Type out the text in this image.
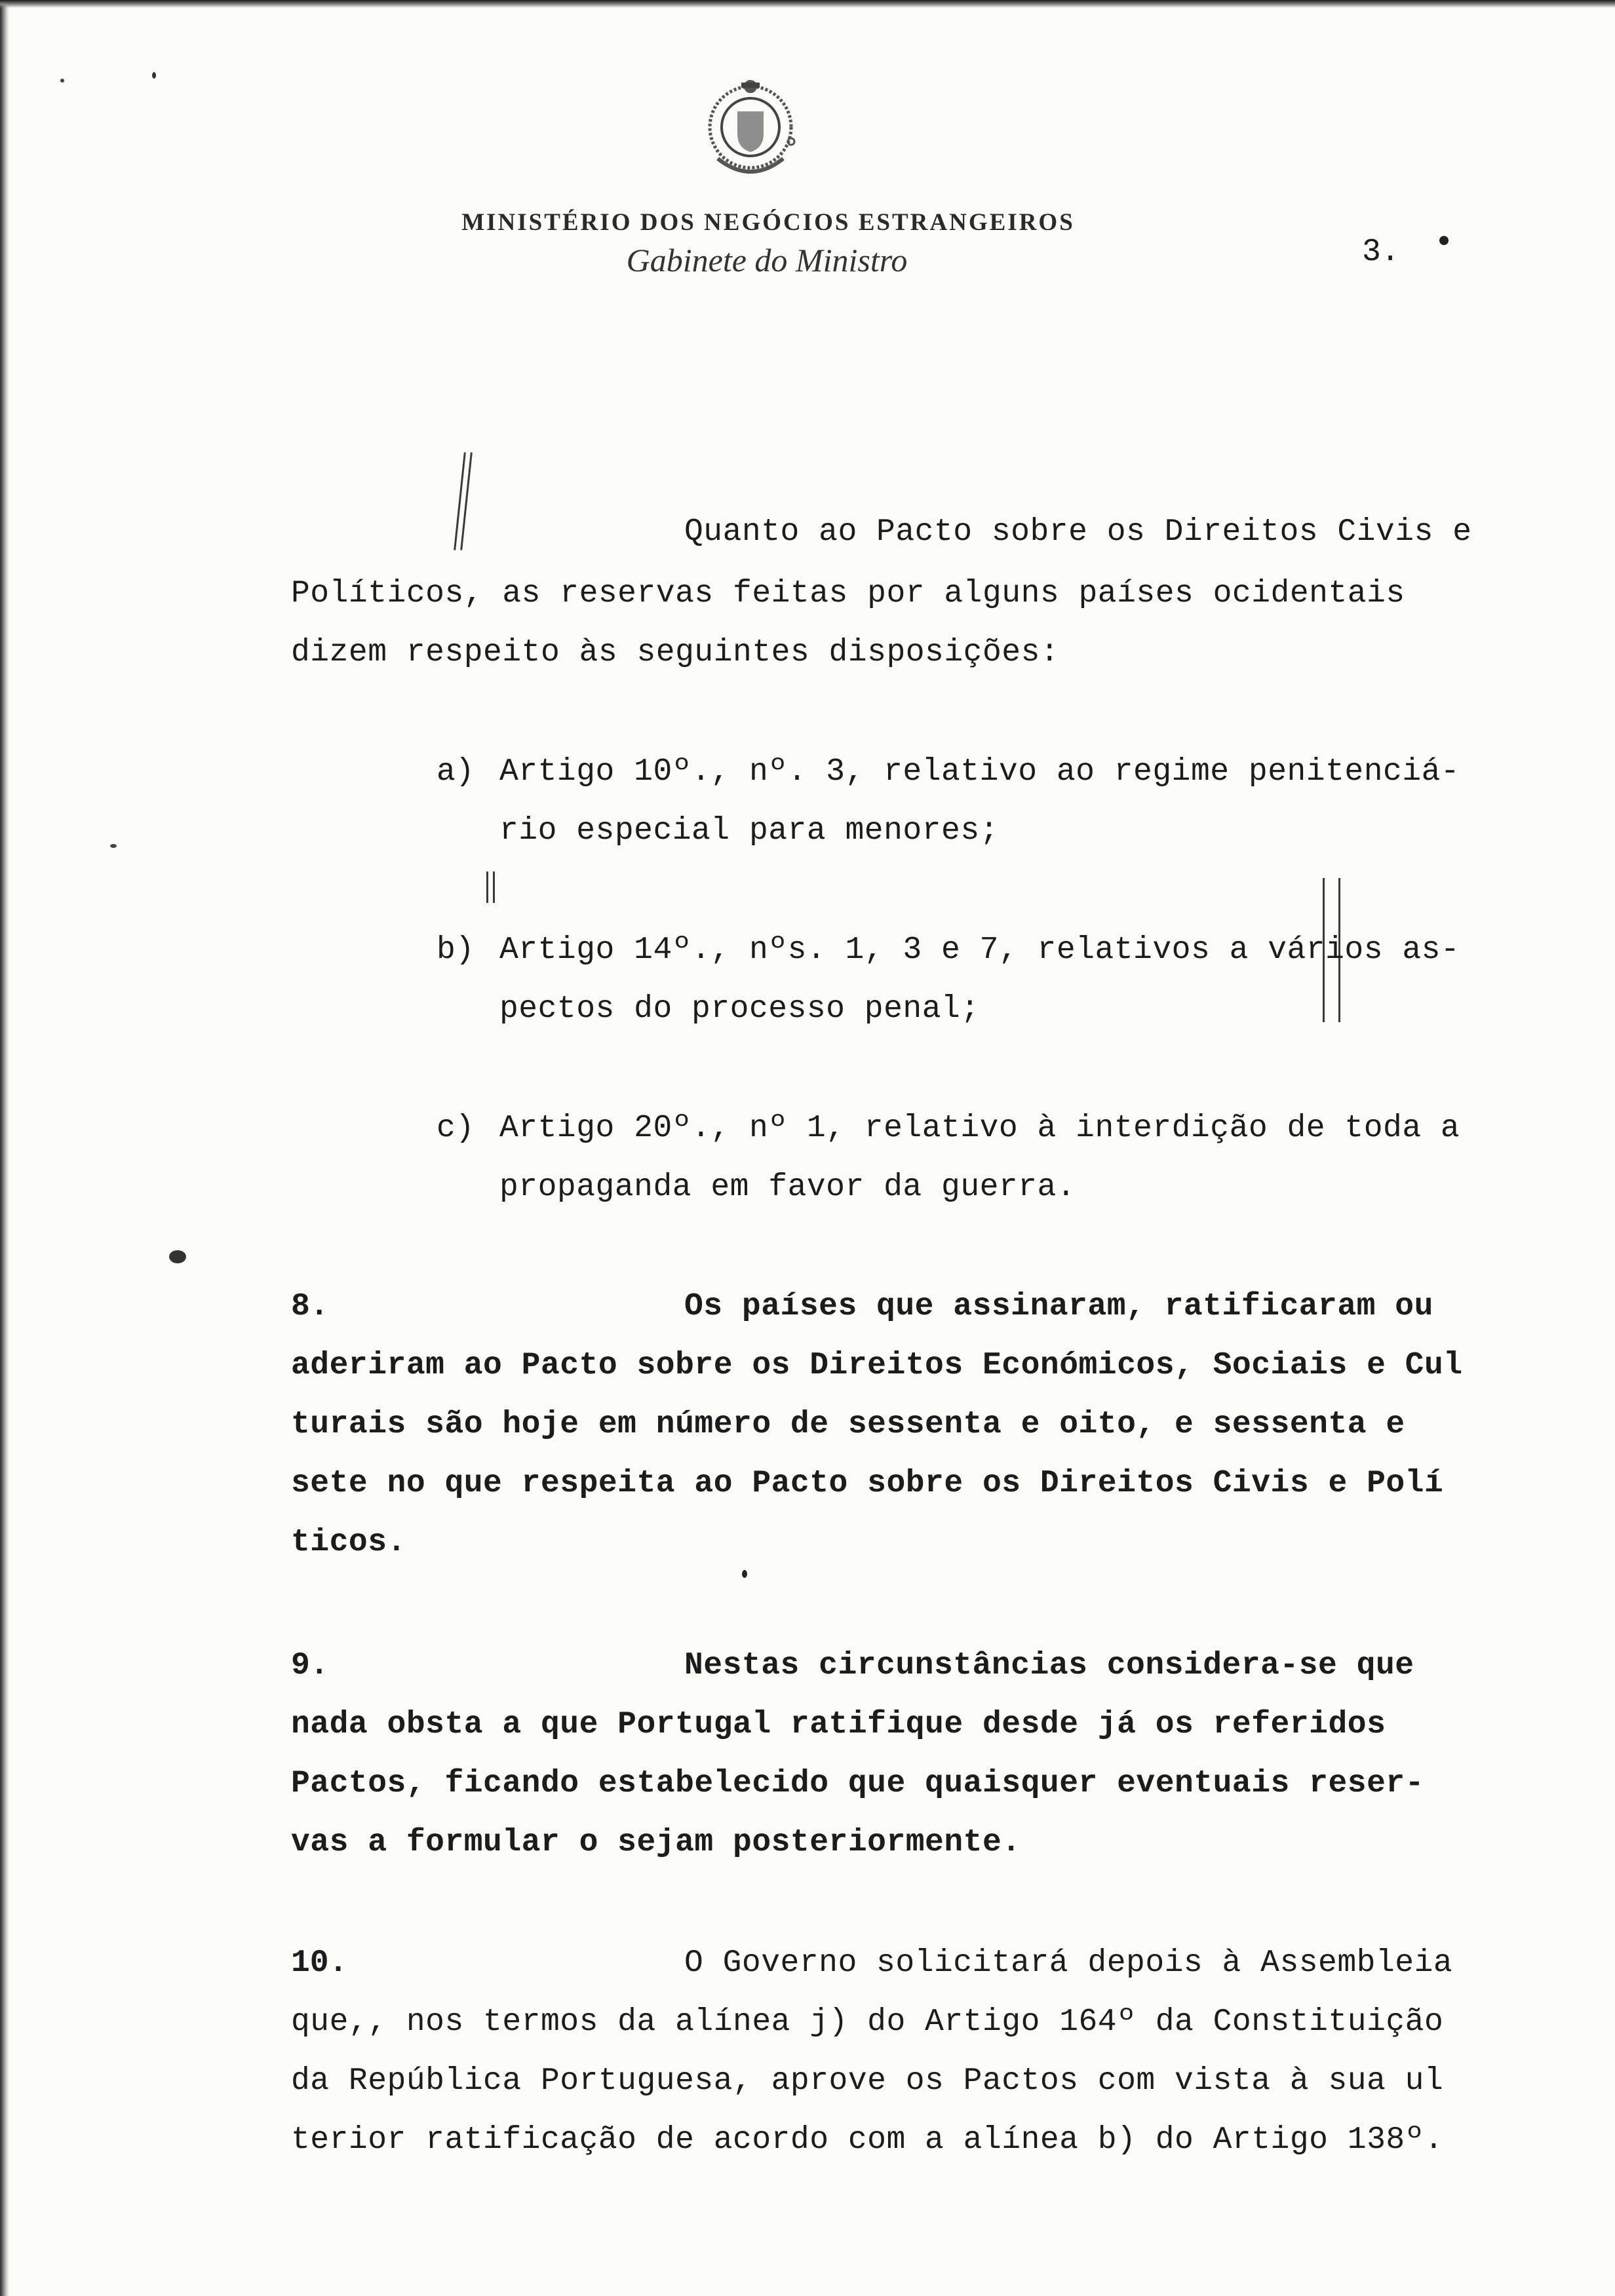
MINISTÉRIO DOS NEGÓCIOS ESTRANGEIROS
Gabinete do Ministro	3.
Quanto ao Pacto sobre os Direitos Civis e
Políticos, as reservas feitas por alguns países ocidentais
dizem respeito às seguintes disposições:
a) Artigo 10º., nº. 3, relativo ao regime penitenciá-
rio especial para menores;
b) Artigo 14º., nºs. 1, 3 e 7, relativos a vários as-
pectos do processo penal;
c) Artigo 20º., nº 1, relativo à interdição de toda a
propaganda em favor da guerra.
8.	Os países que assinaram, ratificaram ou
aderiram ao Pacto sobre os Direitos Económicos, Sociais e Cul
turais são hoje em número de sessenta e oito, e sessenta e
sete no que respeita ao Pacto sobre os Direitos Civis e Polí
ticos.
9.	Nestas circunstâncias considera-se que
nada obsta a que Portugal ratifique desde já os referidos
Pactos, ficando estabelecido que quaisquer eventuais reser-
vas a formular o sejam posteriormente.
10.	O Governo solicitará depois à Assembleia
que,, nos termos da alínea j) do Artigo 164º da Constituição
da República Portuguesa, aprove os Pactos com vista à sua ul
terior ratificação de acordo com a alínea b) do Artigo 138º.
